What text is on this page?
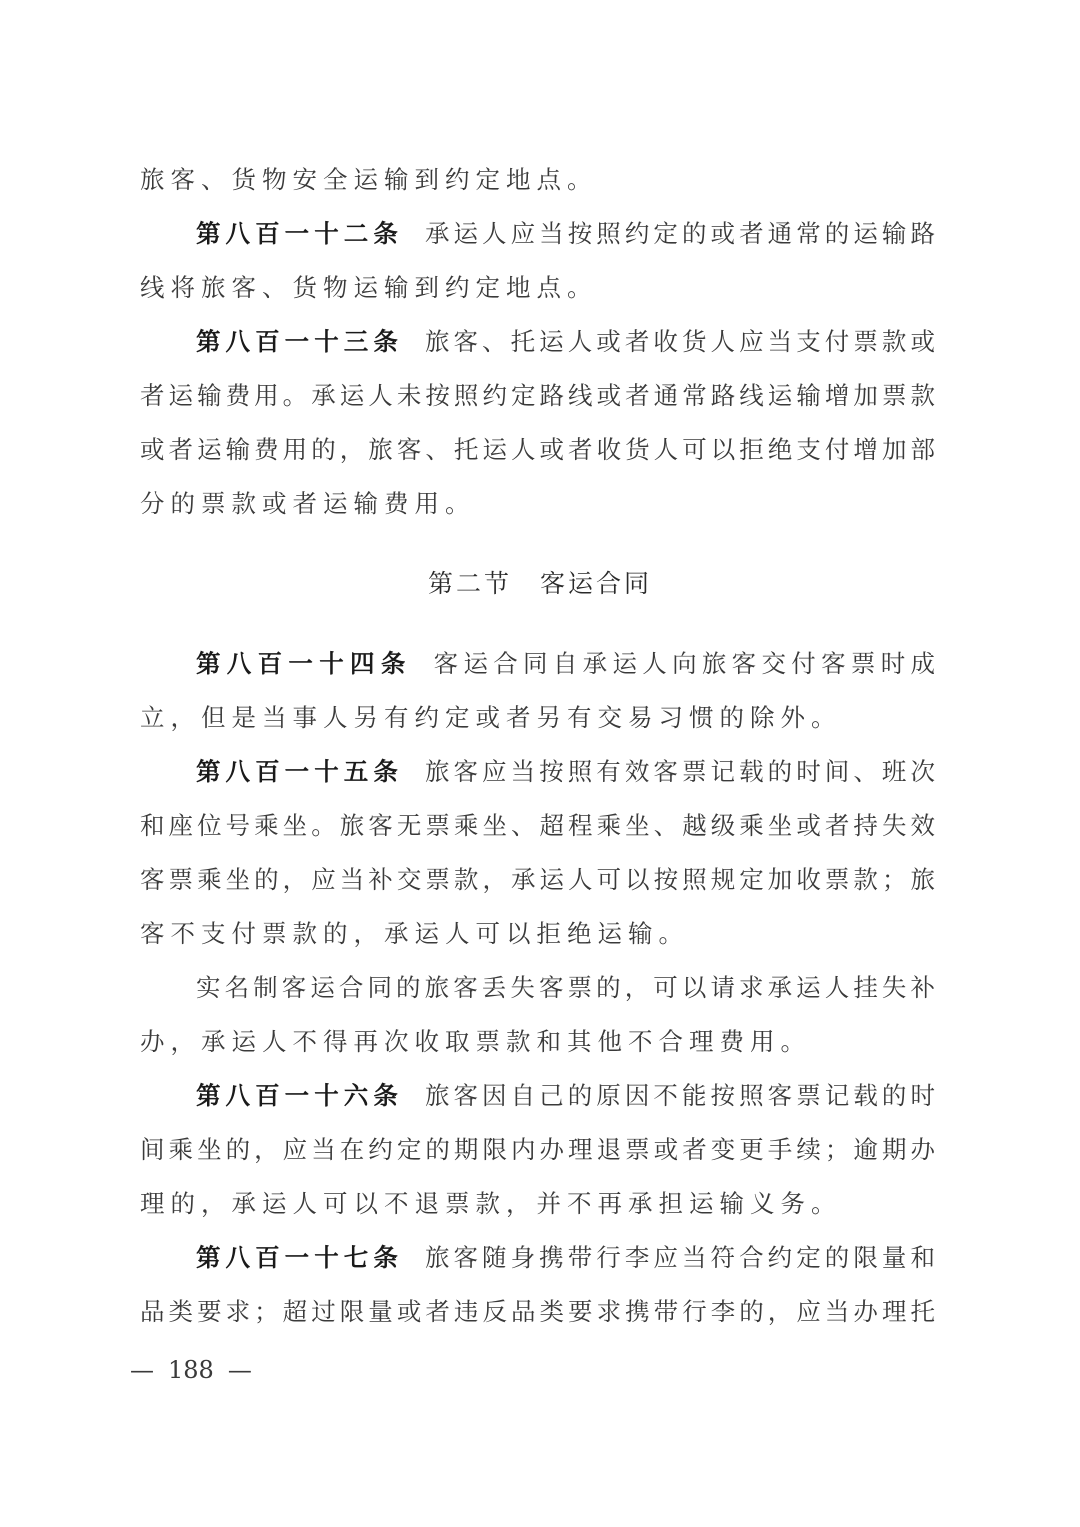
旅客、货物安全运输到约定地点。
第八百一十二条 承运人应当按照约定的或者通常的运输路
线将旅客、货物运输到约定地点。
第八百一十三条 旅客、托运人或者收货人应当支付票款或
者运输费用。承运人未按照约定路线或者通常路线运输增加票款
或者运输费用的，旅客、托运人或者收货人可以拒绝支付增加部
分的票款或者运输费用。
第二节 客运合同
第八百一十四条 客运合同自承运人向旅客交付客票时成
立，但是当事人另有约定或者另有交易习惯的除外。
第八百一十五条 旅客应当按照有效客票记载的时间、班次
和座位号乘坐。旅客无票乘坐、超程乘坐、越级乘坐或者持失效
客票乘坐的，应当补交票款，承运人可以按照规定加收票款；旅
客不支付票款的，承运人可以拒绝运输。
实名制客运合同的旅客丢失客票的，可以请求承运人挂失补
办，承运人不得再次收取票款和其他不合理费用。
第八百一十六条 旅客因自己的原因不能按照客票记载的时
间乘坐的，应当在约定的期限内办理退票或者变更手续；逾期办
理的，承运人可以不退票款，并不再承担运输义务。
第八百一十七条 旅客随身携带行李应当符合约定的限量和
品类要求；超过限量或者违反品类要求携带行李的，应当办理托
— 188 —
